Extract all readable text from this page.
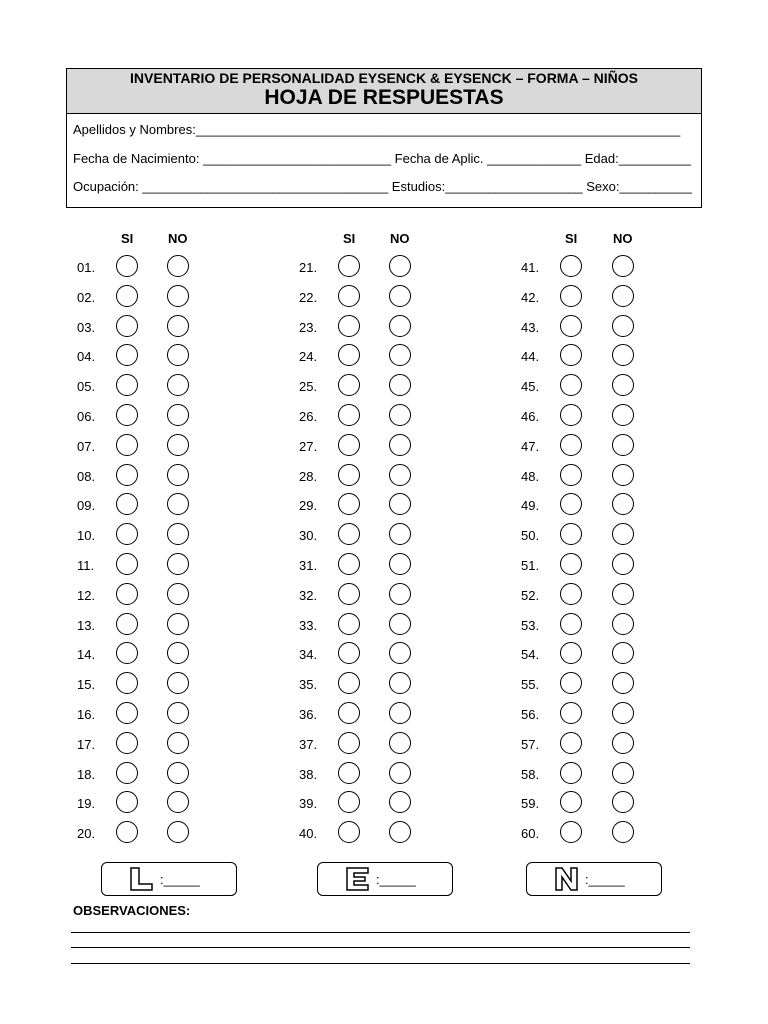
INVENTARIO DE PERSONALIDAD EYSENCK & EYSENCK – FORMA – NIÑOS
HOJA DE RESPUESTAS
Apellidos y Nombres:___________________________________________________________________
Fecha de Nacimiento: __________________________ Fecha de Aplic. _____________ Edad:__________
Ocupación: __________________________________ Estudios:___________________ Sexo:__________
SI	NO
01.
02.
03.
04.
05.
06.
07.
08.
09.
10.
11.
12.
13.
14.
15.
16.
17.
18.
19.
20.
SI	NO
21.
22.
23.
24.
25.
26.
27.
28.
29.
30.
31.
32.
33.
34.
35.
36.
37.
38.
39.
40.
SI	NO
41.
42.
43.
44.
45.
46.
47.
48.
49.
50.
51.
52.
53.
54.
55.
56.
57.
58.
59.
60.
:_____	:_____	:_____
OBSERVACIONES:
